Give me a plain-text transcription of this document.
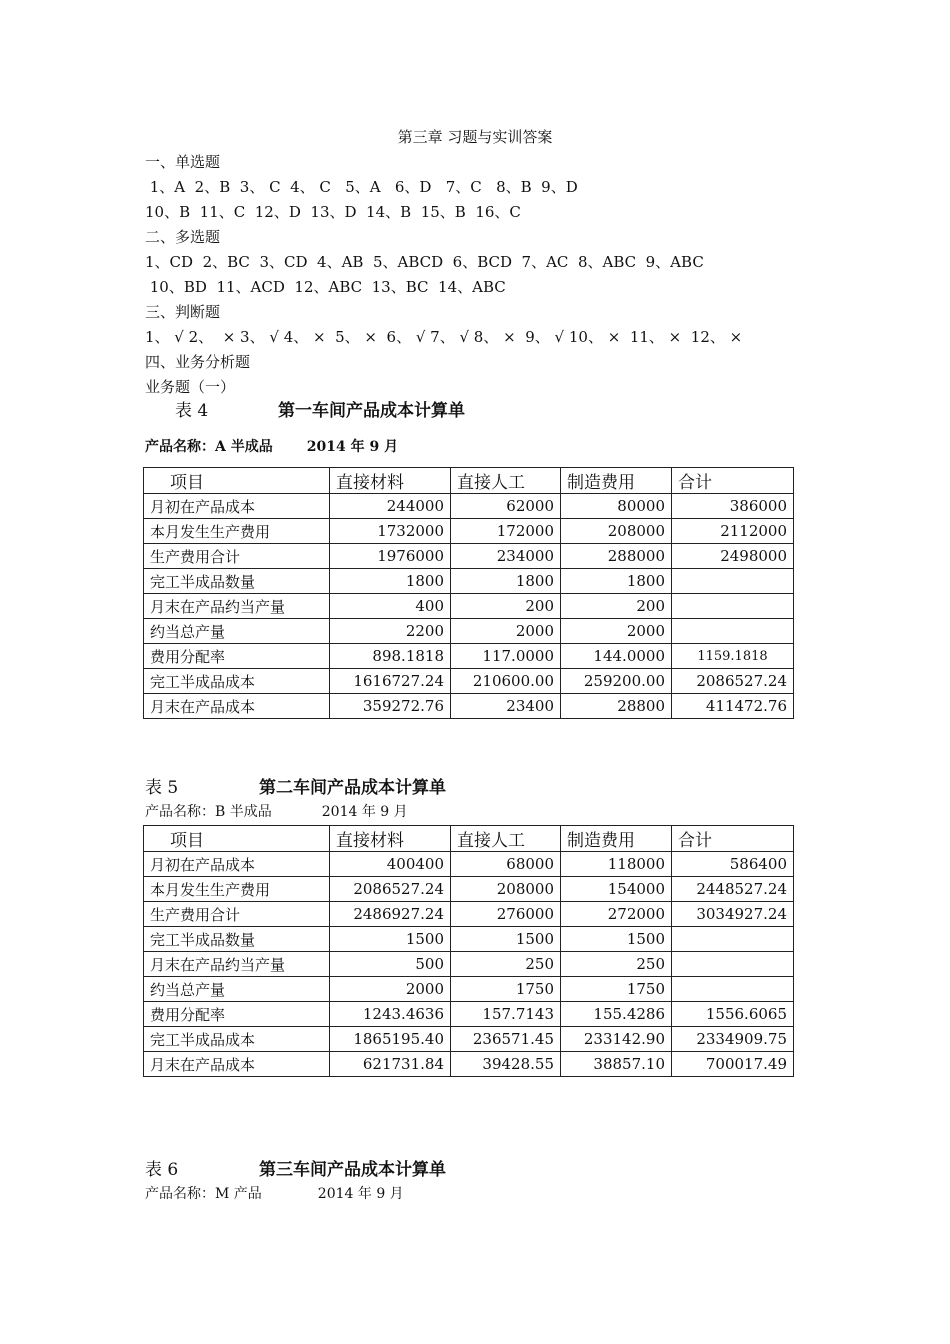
第三章 习题与实训答案
一、单选题
1、A  2、B  3、 C  4、 C   5、A   6、D   7、C   8、B  9、D
10、B  11、C  12、D  13、D  14、B  15、B  16、C
二、多选题
1、CD  2、BC  3、CD  4、AB  5、ABCD  6、BCD  7、AC  8、ABC  9、ABC
10、BD  11、ACD  12、ABC  13、BC  14、ABC
三、判断题
1、 √ 2、  × 3、 √ 4、 ×  5、 ×  6、 √ 7、 √ 8、 ×  9、 √ 10、 ×  11、 ×  12、 ×
四、业务分析题
业务题（一）
表 4	第一车间产品成本计算单
产品名称：A 半成品 2014 年 9 月
项目	直接材料	直接人工	制造费用	合计
月初在产品成本	244000	62000	80000	386000
本月发生生产费用	1732000	172000	208000	2112000
生产费用合计	1976000	234000	288000	2498000
完工半成品数量	1800	1800	1800	
月末在产品约当产量	400	200	200	
约当总产量	2200	2000	2000	
费用分配率	898.1818	117.0000	144.0000	1159.1818
完工半成品成本	1616727.24	210600.00	259200.00	2086527.24
月末在产品成本	359272.76	23400	28800	411472.76
表 5	第二车间产品成本计算单
产品名称：B 半成品	2014 年 9 月
项目	直接材料	直接人工	制造费用	合计
月初在产品成本	400400	68000	118000	586400
本月发生生产费用	2086527.24	208000	154000	2448527.24
生产费用合计	2486927.24	276000	272000	3034927.24
完工半成品数量	1500	1500	1500	
月末在产品约当产量	500	250	250	
约当总产量	2000	1750	1750	
费用分配率	1243.4636	157.7143	155.4286	1556.6065
完工半成品成本	1865195.40	236571.45	233142.90	2334909.75
月末在产品成本	621731.84	39428.55	38857.10	700017.49
表 6	第三车间产品成本计算单
产品名称：M 产品	2014 年 9 月
